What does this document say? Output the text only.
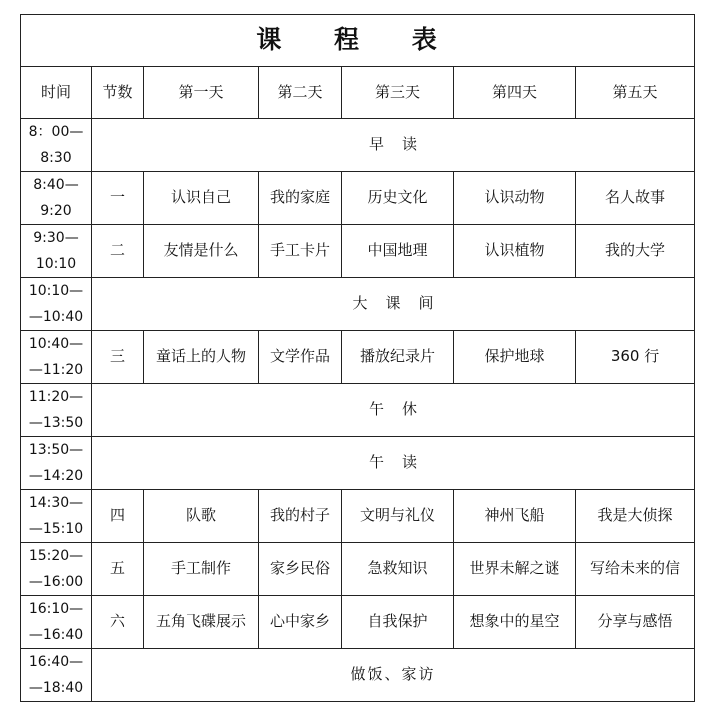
课 程 表						
时间	节数	第一天	第二天	第三天	第四天	第五天

8：00—
8:30	早读					

8:40—
9:20	一	认识自己	我的家庭	历史文化	认识动物	名人故事

9:30—
10:10	二	友情是什么	手工卡片	中国地理	认识植物	我的大学

10:10—
—10:40	大课间					

10:40—
—11:20	三	童话上的人物	文学作品	播放纪录片	保护地球	360 行

11:20—
—13:50	午休					

13:50—
—14:20	午读					

14:30—
—15:10	四	队歌	我的村子	文明与礼仪	神州飞船	我是大侦探

15:20—
—16:00	五	手工制作	家乡民俗	急救知识	世界未解之谜	写给未来的信

16:10—
—16:40	六	五角飞碟展示	心中家乡	自我保护	想象中的星空	分享与感悟

16:40—
—18:40	做饭、家访					
